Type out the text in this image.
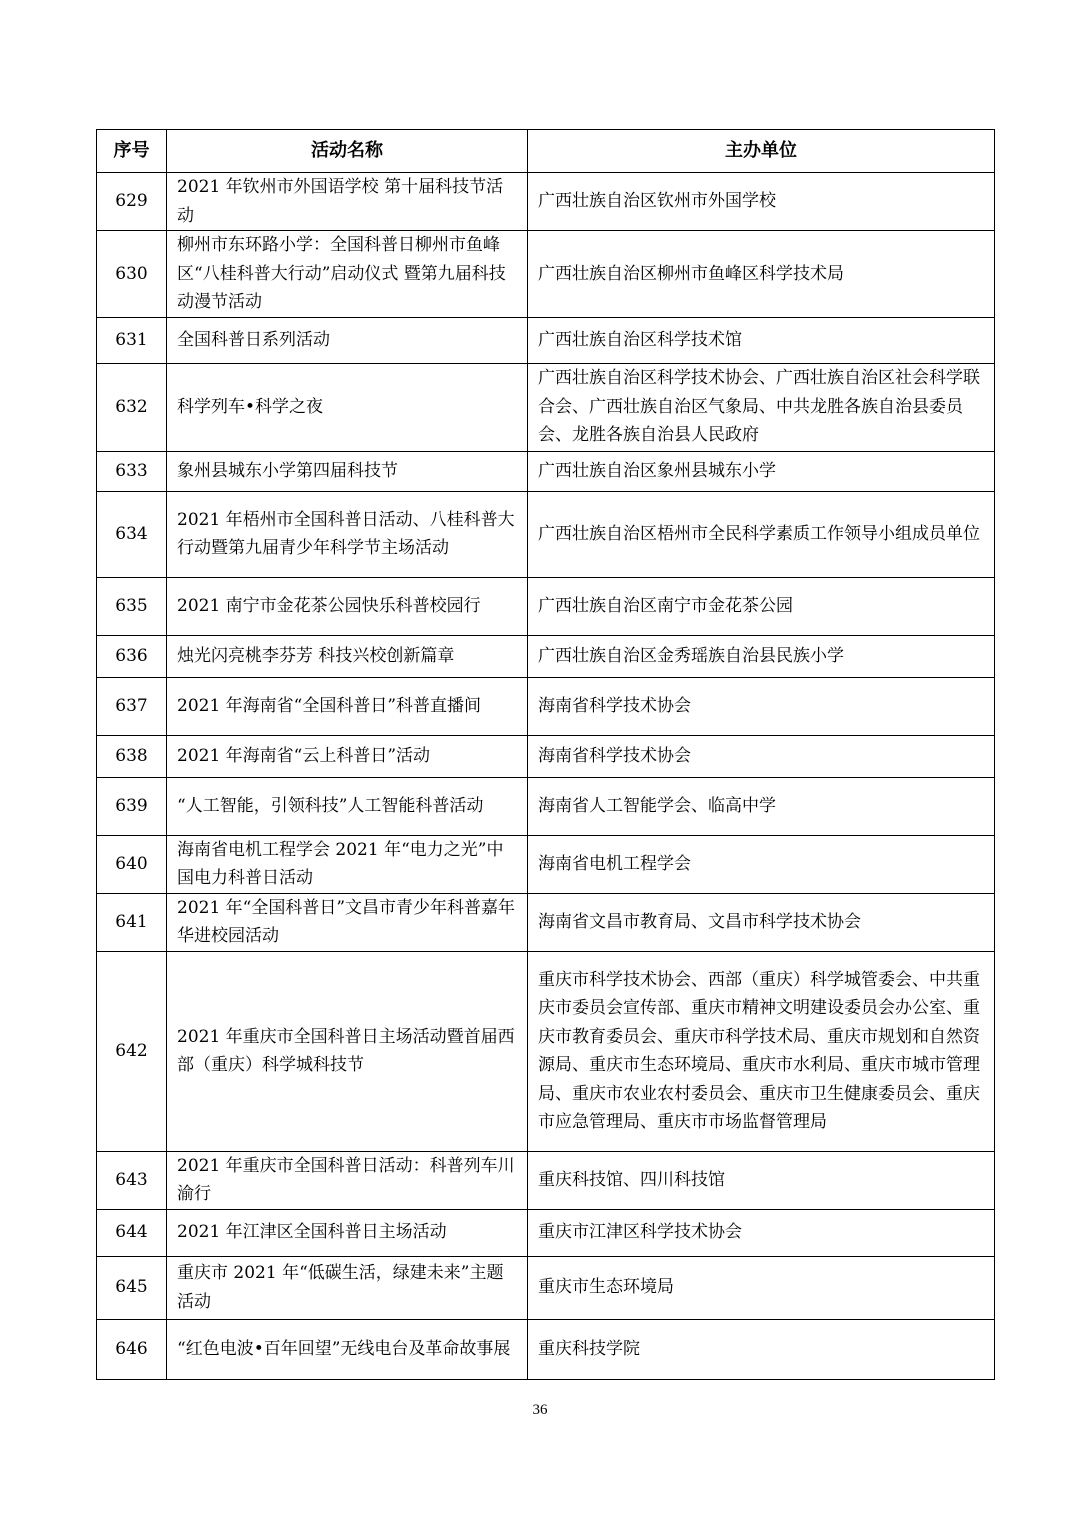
序号	活动名称	主办单位
629	2021 年钦州市外国语学校 第十届科技节活动	广西壮族自治区钦州市外国学校
630	柳州市东环路小学：全国科普日柳州市鱼峰区“八桂科普大行动”启动仪式 暨第九届科技动漫节活动	广西壮族自治区柳州市鱼峰区科学技术局
631	全国科普日系列活动	广西壮族自治区科学技术馆
632	科学列车•科学之夜	广西壮族自治区科学技术协会、广西壮族自治区社会科学联合会、广西壮族自治区气象局、中共龙胜各族自治县委员会、龙胜各族自治县人民政府
633	象州县城东小学第四届科技节	广西壮族自治区象州县城东小学
634	2021 年梧州市全国科普日活动、八桂科普大行动暨第九届青少年科学节主场活动	广西壮族自治区梧州市全民科学素质工作领导小组成员单位
635	2021 南宁市金花茶公园快乐科普校园行	广西壮族自治区南宁市金花茶公园
636	烛光闪亮桃李芬芳 科技兴校创新篇章	广西壮族自治区金秀瑶族自治县民族小学
637	2021 年海南省“全国科普日”科普直播间	海南省科学技术协会
638	2021 年海南省“云上科普日”活动	海南省科学技术协会
639	“人工智能，引领科技”人工智能科普活动	海南省人工智能学会、临高中学
640	海南省电机工程学会 2021 年“电力之光”中国电力科普日活动	海南省电机工程学会
641	2021 年“全国科普日”文昌市青少年科普嘉年华进校园活动	海南省文昌市教育局、文昌市科学技术协会
642	2021 年重庆市全国科普日主场活动暨首届西部（重庆）科学城科技节	重庆市科学技术协会、西部（重庆）科学城管委会、中共重庆市委员会宣传部、重庆市精神文明建设委员会办公室、重庆市教育委员会、重庆市科学技术局、重庆市规划和自然资源局、重庆市生态环境局、重庆市水利局、重庆市城市管理局、重庆市农业农村委员会、重庆市卫生健康委员会、重庆市应急管理局、重庆市市场监督管理局
643	2021 年重庆市全国科普日活动：科普列车川渝行	重庆科技馆、四川科技馆
644	2021 年江津区全国科普日主场活动	重庆市江津区科学技术协会
645	重庆市 2021 年“低碳生活，绿建未来”主题活动	重庆市生态环境局
646	“红色电波•百年回望”无线电台及革命故事展	重庆科技学院
36
